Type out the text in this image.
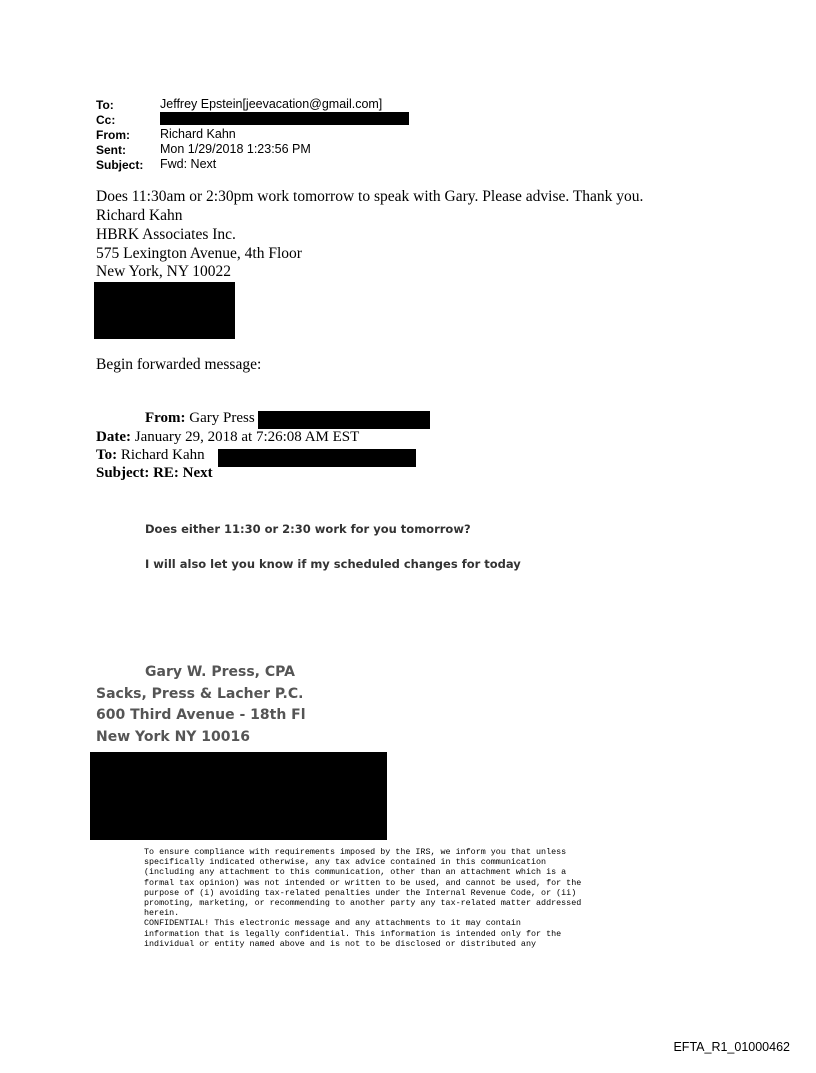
To:	Jeffrey Epstein[jeevacation@gmail.com]
Cc:
From: Richard Kahn
Sent:	Mon 1/29/2018 1:23:56 PM
Subject: Fwd: Next
Does 11:30am or 2:30pm work tomorrow to speak with Gary. Please advise. Thank you.
Richard Kahn
HBRK Associates Inc.
575 Lexington Avenue, 4th Floor
New York, NY 10022
Begin forwarded message:
From: Gary Press
Date: January 29, 2018 at 7:26:08 AM EST
To: Richard Kahn
Subject: RE: Next
Does either 11:30 or 2:30 work for you tomorrow?
I will also let you know if my scheduled changes for today
Gary W. Press, CPA
Sacks, Press & Lacher P.C.
600 Third Avenue - 18th Fl
New York NY 10016
To ensure compliance with requirements imposed by the IRS, we inform you that unless
specifically indicated otherwise, any tax advice contained in this communication
(including any attachment to this communication, other than an attachment which is a
formal tax opinion) was not intended or written to be used, and cannot be used, for the
purpose of (i) avoiding tax-related penalties under the Internal Revenue Code, or (ii)
promoting, marketing, or recommending to another party any tax-related matter addressed
herein.
CONFIDENTIAL! This electronic message and any attachments to it may contain
information that is legally confidential. This information is intended only for the
individual or entity named above and is not to be disclosed or distributed any
EFTA_R1_01000462
